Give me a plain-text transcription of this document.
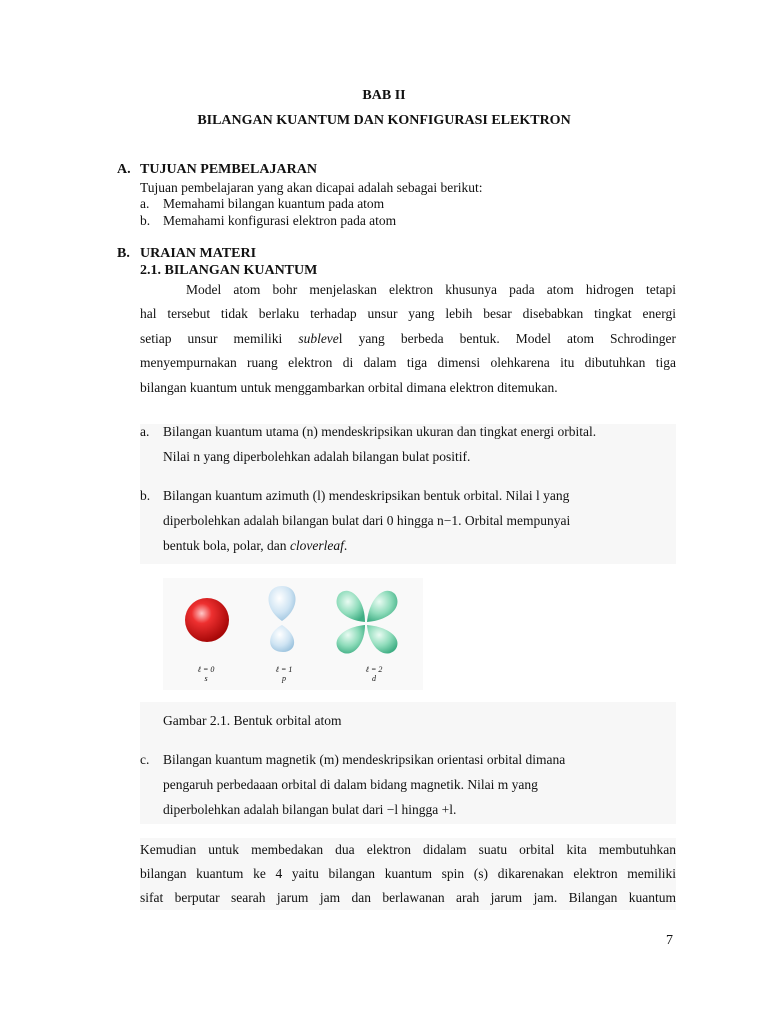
BAB II
BILANGAN KUANTUM DAN KONFIGURASI ELEKTRON
A. TUJUAN PEMBELAJARAN
Tujuan pembelajaran yang akan dicapai adalah sebagai berikut:
a. Memahami bilangan kuantum pada atom
b. Memahami konfigurasi elektron pada atom
B. URAIAN MATERI
2.1. BILANGAN KUANTUM
Model atom bohr menjelaskan elektron khusunya pada atom hidrogen tetapi
hal tersebut tidak berlaku terhadap unsur yang lebih besar disebabkan tingkat energi
setiap unsur memiliki sublevel yang berbeda bentuk. Model atom Schrodinger
menyempurnakan ruang elektron di dalam tiga dimensi olehkarena itu dibutuhkan tiga
bilangan kuantum untuk menggambarkan orbital dimana elektron ditemukan.
a. Bilangan kuantum utama (n) mendeskripsikan ukuran dan tingkat energi orbital.
Nilai n yang diperbolehkan adalah bilangan bulat positif.
b. Bilangan kuantum azimuth (l) mendeskripsikan bentuk orbital. Nilai l yang
diperbolehkan adalah bilangan bulat dari 0 hingga n−1. Orbital mempunyai
bentuk bola, polar, dan cloverleaf.
ℓ = 0
s
ℓ = 1
p
ℓ = 2
d
Gambar 2.1. Bentuk orbital atom
c. Bilangan kuantum magnetik (m) mendeskripsikan orientasi orbital dimana
pengaruh perbedaaan orbital di dalam bidang magnetik. Nilai m yang
diperbolehkan adalah bilangan bulat dari −l hingga +l.
Kemudian untuk membedakan dua elektron didalam suatu orbital kita membutuhkan
bilangan kuantum ke 4 yaitu bilangan kuantum spin (s) dikarenakan elektron memiliki
sifat berputar searah jarum jam dan berlawanan arah jarum jam. Bilangan kuantum
7
